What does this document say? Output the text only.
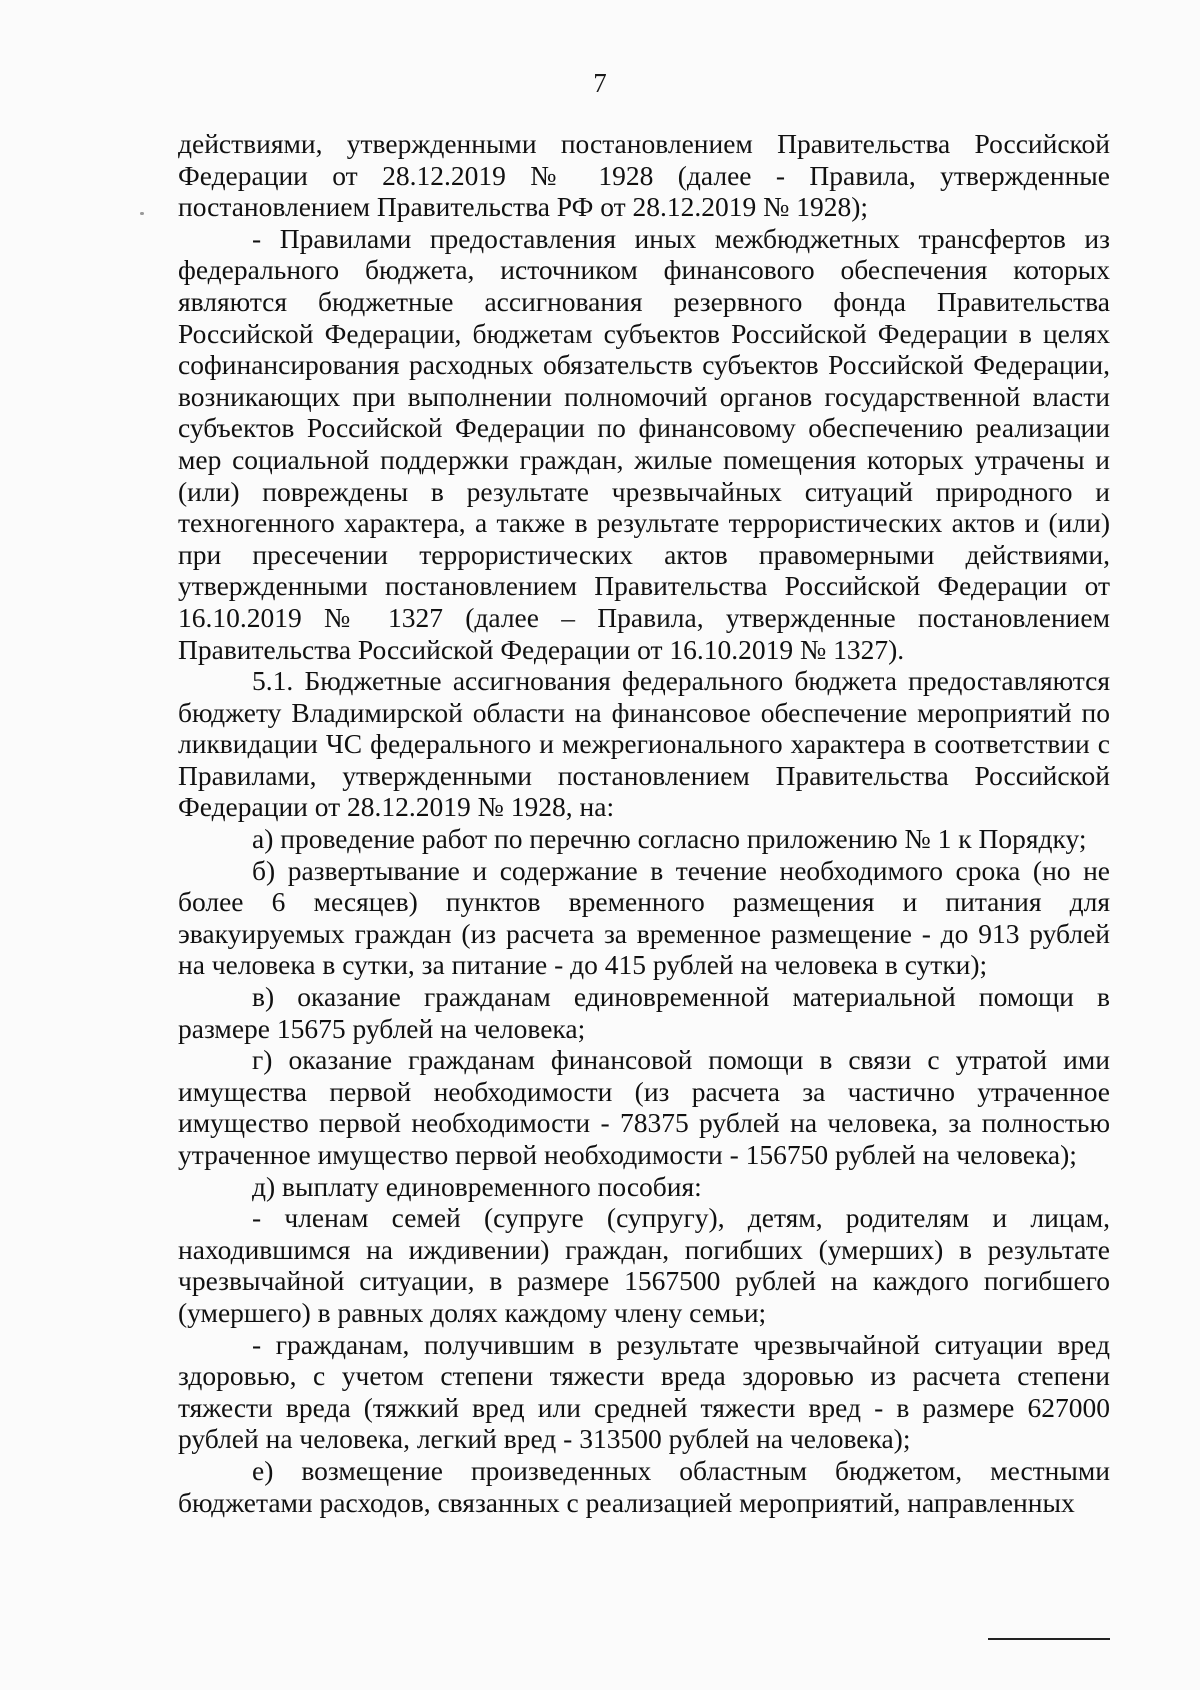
7

действиями, утвержденными постановлением Правительства Российской Федерации от 28.12.2019 № 1928 (далее - Правила, утвержденные постановлением Правительства РФ от 28.12.2019 № 1928);

- Правилами предоставления иных межбюджетных трансфертов из федерального бюджета, источником финансового обеспечения которых являются бюджетные ассигнования резервного фонда Правительства Российской Федерации, бюджетам субъектов Российской Федерации в целях софинансирования расходных обязательств субъектов Российской Федерации, возникающих при выполнении полномочий органов государственной власти субъектов Российской Федерации по финансовому обеспечению реализации мер социальной поддержки граждан, жилые помещения которых утрачены и (или) повреждены в результате чрезвычайных ситуаций природного и техногенного характера, а также в результате террористических актов и (или) при пресечении террористических актов правомерными действиями, утвержденными постановлением Правительства Российской Федерации от 16.10.2019 № 1327 (далее – Правила, утвержденные постановлением Правительства Российской Федерации от 16.10.2019 № 1327).

5.1. Бюджетные ассигнования федерального бюджета предоставляются бюджету Владимирской области на финансовое обеспечение мероприятий по ликвидации ЧС федерального и межрегионального характера в соответствии с Правилами, утвержденными постановлением Правительства Российской Федерации от 28.12.2019 № 1928, на:

а) проведение работ по перечню согласно приложению № 1 к Порядку;

б) развертывание и содержание в течение необходимого срока (но не более 6 месяцев) пунктов временного размещения и питания для эвакуируемых граждан (из расчета за временное размещение - до 913 рублей на человека в сутки, за питание - до 415 рублей на человека в сутки);

в) оказание гражданам единовременной материальной помощи в размере 15675 рублей на человека;

г) оказание гражданам финансовой помощи в связи с утратой ими имущества первой необходимости (из расчета за частично утраченное имущество первой необходимости - 78375 рублей на человека, за полностью утраченное имущество первой необходимости - 156750 рублей на человека);

д) выплату единовременного пособия:

- членам семей (супруге (супругу), детям, родителям и лицам, находившимся на иждивении) граждан, погибших (умерших) в результате чрезвычайной ситуации, в размере 1567500 рублей на каждого погибшего (умершего) в равных долях каждому члену семьи;

- гражданам, получившим в результате чрезвычайной ситуации вред здоровью, с учетом степени тяжести вреда здоровью из расчета степени тяжести вреда (тяжкий вред или средней тяжести вред - в размере 627000 рублей на человека, легкий вред - 313500 рублей на человека);

е) возмещение произведенных областным бюджетом, местными бюджетами расходов, связанных с реализацией мероприятий, направленных
